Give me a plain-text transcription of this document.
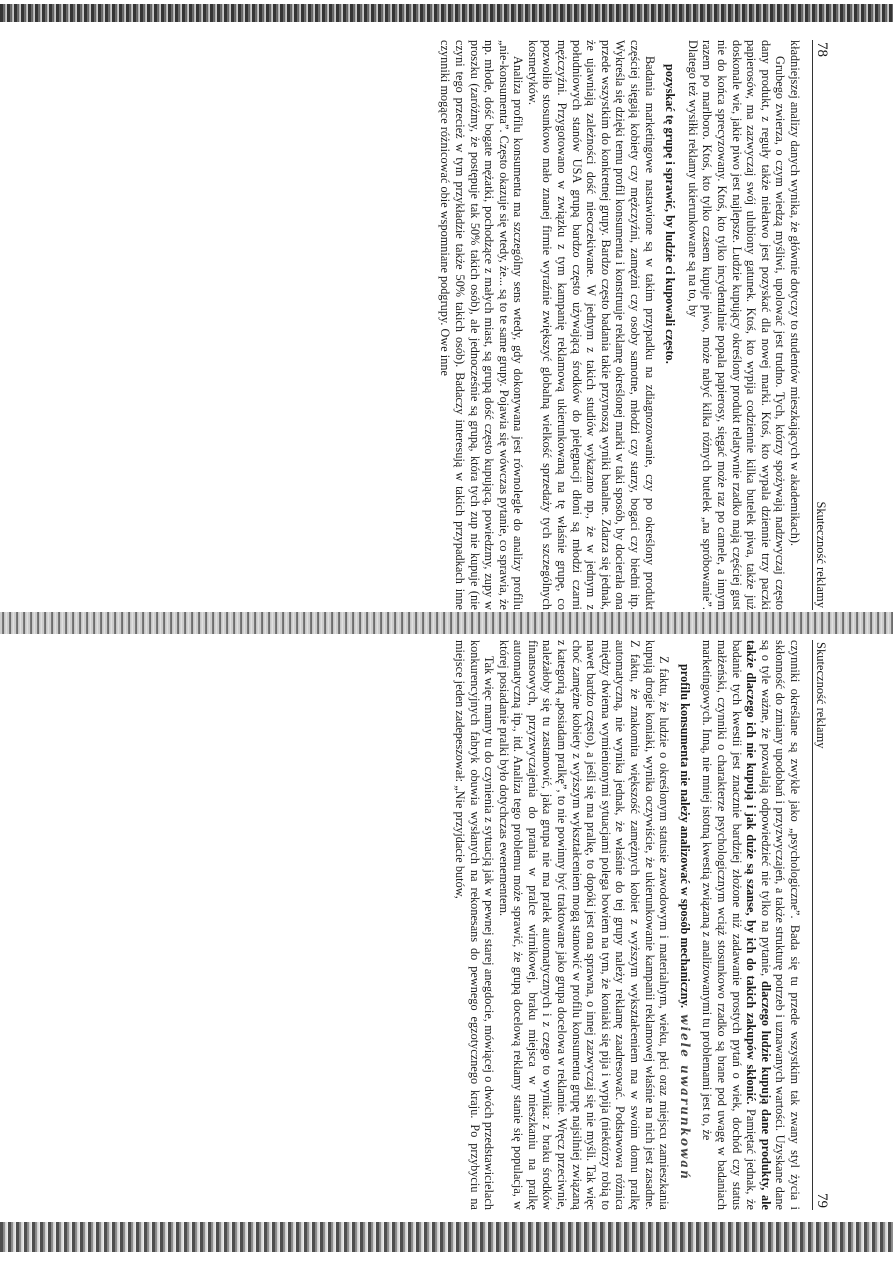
78
Skuteczność reklamy

kładniejszej analizy danych wynika, że głównie dotyczy to studentów mieszkających w akademikach).

Grubego zwierza, o czym wiedzą myśliwi, upolować jest trudno. Tych, którzy spożywają nadzwyczaj często dany produkt, z reguły także niełatwo jest pozyskać dla nowej marki. Ktoś, kto wypala dziennie trzy paczki papierosów, ma zazwyczaj swój ulubiony gatunek. Ktoś, kto wypija codziennie kilka butelek piwa, także już doskonale wie, jakie piwo jest najlepsze. Ludzie kupujący określony produkt relatywnie rzadko mają częściej gust nie do końca sprecyzowany. Ktoś, kto tylko incydentalnie popala papierosy, sięgać może raz po camele, a innym razem po marlboro. Ktoś, kto tylko czasem kupuje piwo, może nabyć kilka różnych butelek „na spróbowanie”. Dlatego też wysiłki reklamy ukierunkowane są na to, by

pozyskać tę grupę i sprawić, by ludzie ci kupowali często.

Badania marketingowe nastawione są w takim przypadku na zdiagnozowanie, czy po określony produkt częściej sięgają kobiety czy mężczyźni, zamężni czy osoby samotne, młodzi czy starzy, bogaci czy biedni itp. Wykreśla się dzięki temu profil konsumenta i konstruuje reklamę określonej marki w taki sposób, by docierała ona przede wszystkim do konkretnej grupy. Bardzo często badania takie przynoszą wyniki banalne. Zdarza się jednak, że ujawniają zależności dość nieoczekiwane. W jednym z takich studiów wykazano np., że w jednym z południowych stanów USA grupą bardzo często używającą środków do pielęgnacji dłoni są młodzi czarni mężczyźni. Przygotowano w związku z tym kampanię reklamową ukierunkowaną na tę właśnie grupę, co pozwoliło stosunkowo mało znanej firmie wyraźnie zwiększyć globalną wielkość sprzedaży tych szczególnych kosmetyków.

Analiza profilu konsumenta ma szczególny sens wtedy, gdy dokonywana jest równolegle do analizy profilu „nie-konsumenta”. Często okazuje się wtedy, że... są to te same grupy. Pojawia się wówczas pytanie, co sprawia, że np. młode, dość bogate mężatki, pochodzące z małych miast, są grupą dość często kupującą, powiedzmy, zupy w proszku (zaróżmy, że postępuje tak 50% takich osób), ale jednocześnie są grupą, która tych zup nie kupuje (nie czyni tego przecież w tym przykładzie także 50% takich osób). Badaczy interesują w takich przypadkach inne czynniki mogące różnicować obie wspomniane podgrupy. Owe inne

Skuteczność reklamy
79

czynniki określane są zwykle jako „psychologiczne”. Bada się tu przede wszystkim tak zwany styl życia i skłonność do zmiany upodobań i przyzwyczajeń, a także strukturę potrzeb i uznawanych wartości. Uzyskane dane są o tyle ważne, że pozwalają odpowiedzieć nie tylko na pytanie, dlaczego ludzie kupują dane produkty, ale także dlaczego ich nie kupują i jak duże są szanse, by ich do takich zakupów skłonić. Pamiętać jednak, że badanie tych kwestii jest znacznie bardziej złożone niż zadawanie prostych pytań o wiek, dochód czy status małżeński, czynniki o charakterze psychologicznym wciąż stosunkowo rzadko są brane pod uwagę w badaniach marketingowych. Inną, nie mniej istotną kwestią związaną z analizowanymi tu problemami jest to, że

profilu konsumenta nie należy analizować w sposób mechaniczny.wiele uwarunkowań

Z faktu, że ludzie o określonym statusie zawodowym i materialnym, wieku, płci oraz miejscu zamieszkania kupują drogie koniaki, wynika oczywiście, że ukierunkowanie kampanii reklamowej właśnie na nich jest zasadne. Z faktu, że znakomita większość zamężnych kobiet z wyższym wykształceniem ma w swoim domu pralkę automatyczną, nie wynika jednak, że właśnie do tej grupy należy reklamę zaadresować. Podstawowa różnica między dwiema wymienionymi sytuacjami polega bowiem na tym, że koniaki się pija i wypija (niektórzy robią to nawet bardzo często), a jeśli się ma pralkę, to dopóki jest ona sprawna, o innej zazwyczaj się nie myśli. Tak więc choć zamężne kobiety z wyższym wykształceniem mogą stanowić w profilu konsumenta grupę najsilniej związaną z kategorią „posiadam pralkę”, to nie powinny być traktowane jako grupa docelowa w reklamie. Wręcz przeciwnie, należałoby się tu zastanowić, jaka grupa nie ma pralek automatycznych i z czego to wynika: z braku środków finansowych, przyzwyczajenia do prania w pralce wirnikowej, braku miejsca w mieszkaniu na pralkę automatyczną itp., itd. Analiza tego problemu może sprawić, że grupą docelową reklamy stanie się populacja, w której posiadanie pralki było dotychczas ewenementem.

Tak więc mamy tu do czynienia z sytuacją jak w pewnej starej anegdocie, mówiącej o dwóch przedstawicielach konkurencyjnych fabryk obuwia wysłanych na rekonesans do pewnego egzotycznego kraju. Po przybyciu na miejsce jeden zadepeszował: „Nie przyjdacie butów,
